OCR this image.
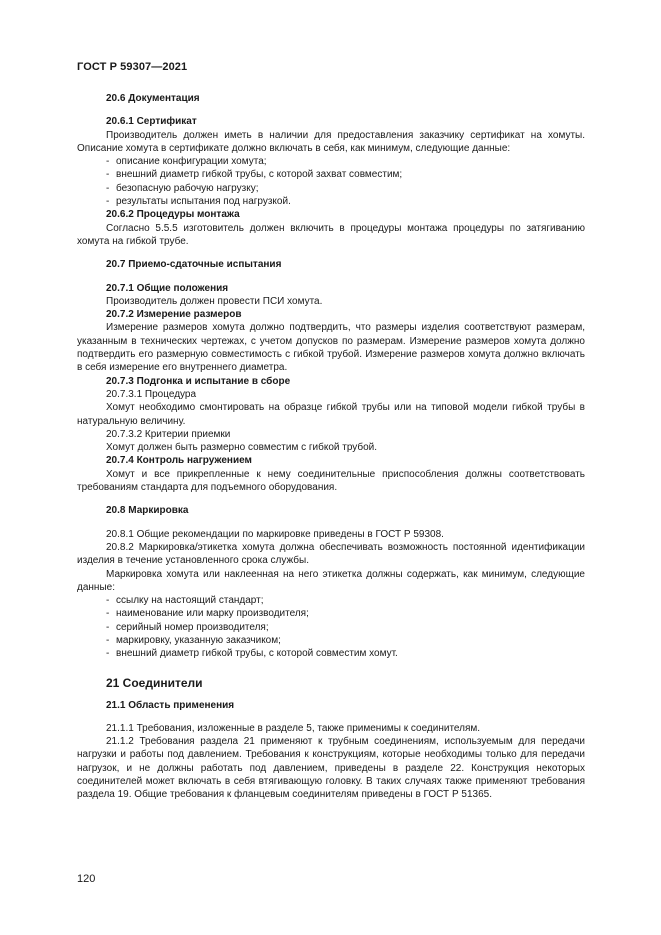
ГОСТ Р 59307—2021

20.6 Документация

20.6.1 Сертификат

Производитель должен иметь в наличии для предоставления заказчику сертификат на хомуты. Описание хомута в сертификате должно включать в себя, как минимум, следующие данные:

- описание конфигурации хомута;

- внешний диаметр гибкой трубы, с которой захват совместим;

- безопасную рабочую нагрузку;

- результаты испытания под нагрузкой.

20.6.2 Процедуры монтажа

Согласно 5.5.5 изготовитель должен включить в процедуры монтажа процедуры по затягиванию хомута на гибкой трубе.

20.7 Приемо-сдаточные испытания

20.7.1 Общие положения

Производитель должен провести ПСИ хомута.

20.7.2 Измерение размеров

Измерение размеров хомута должно подтвердить, что размеры изделия соответствуют размерам, указанным в технических чертежах, с учетом допусков по размерам. Измерение размеров хомута должно подтвердить его размерную совместимость с гибкой трубой. Измерение размеров хомута должно включать в себя измерение его внутреннего диаметра.

20.7.3 Подгонка и испытание в сборе

20.7.3.1 Процедура

Хомут необходимо смонтировать на образце гибкой трубы или на типовой модели гибкой трубы в натуральную величину.

20.7.3.2 Критерии приемки

Хомут должен быть размерно совместим с гибкой трубой.

20.7.4 Контроль нагружением

Хомут и все прикрепленные к нему соединительные приспособления должны соответствовать требованиям стандарта для подъемного оборудования.

20.8 Маркировка

20.8.1 Общие рекомендации по маркировке приведены в ГОСТ Р 59308.

20.8.2 Маркировка/этикетка хомута должна обеспечивать возможность постоянной идентификации изделия в течение установленного срока службы.

Маркировка хомута или наклеенная на него этикетка должны содержать, как минимум, следующие данные:

- ссылку на настоящий стандарт;

- наименование или марку производителя;

- серийный номер производителя;

- маркировку, указанную заказчиком;

- внешний диаметр гибкой трубы, с которой совместим хомут.

21 Соединители

21.1 Область применения

21.1.1 Требования, изложенные в разделе 5, также применимы к соединителям.

21.1.2 Требования раздела 21 применяют к трубным соединениям, используемым для передачи нагрузки и работы под давлением. Требования к конструкциям, которые необходимы только для передачи нагрузок, и не должны работать под давлением, приведены в разделе 22. Конструкция некоторых соединителей может включать в себя втягивающую головку. В таких случаях также применяют требования раздела 19. Общие требования к фланцевым соединителям приведены в ГОСТ Р 51365.

120
